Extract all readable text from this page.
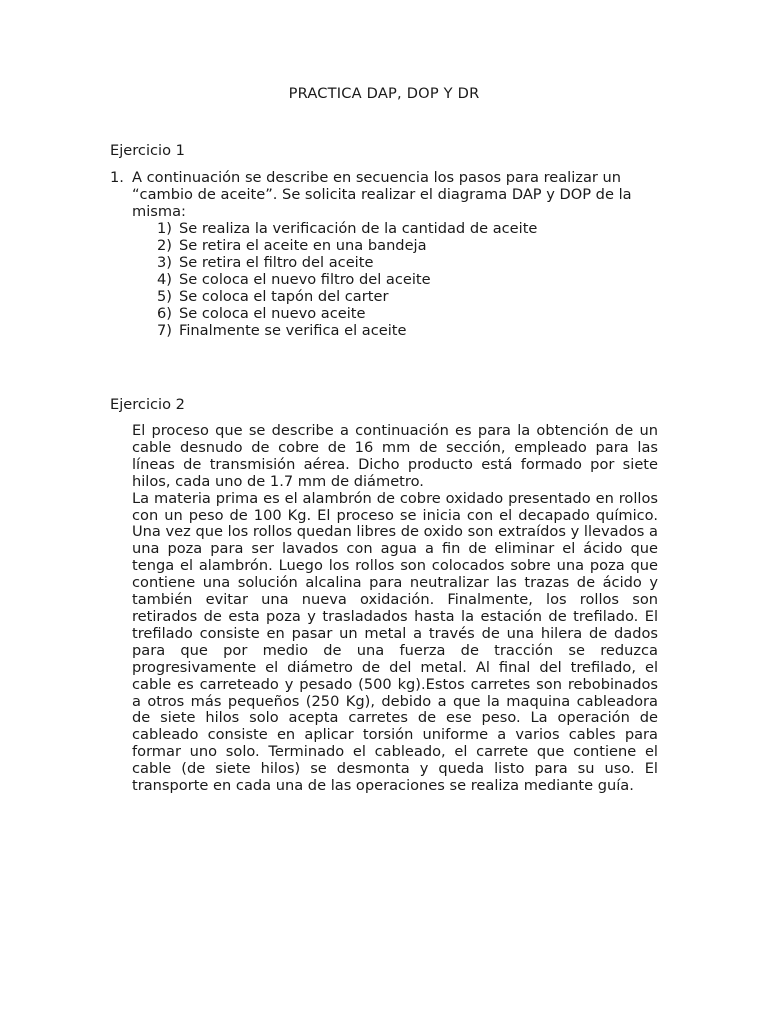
PRACTICA DAP, DOP Y DR
Ejercicio 1
1. A continuación se describe en secuencia los pasos para realizar un “cambio de aceite”. Se solicita realizar el diagrama DAP y DOP de la misma:
1) Se realiza la verificación de la cantidad de aceite
2) Se retira el aceite en una bandeja
3) Se retira el filtro del aceite
4) Se coloca el nuevo filtro del aceite
5) Se coloca el tapón del carter
6) Se coloca el nuevo aceite
7) Finalmente se verifica el aceite
Ejercicio 2

El proceso que se describe a continuación es para la obtención de un cable desnudo de cobre de 16 mm de sección, empleado para las líneas de transmisión aérea. Dicho producto está formado por siete hilos, cada uno de 1.7 mm de diámetro.

La materia prima es el alambrón de cobre oxidado presentado en rollos con un peso de 100 Kg. El proceso se inicia con el decapado químico. Una vez que los rollos quedan libres de oxido son extraídos y llevados a una poza para ser lavados con agua a fin de eliminar el ácido que tenga el alambrón. Luego los rollos son colocados sobre una poza que contiene una solución alcalina para neutralizar las trazas de ácido y también evitar una nueva oxidación. Finalmente, los rollos son retirados de esta poza y trasladados hasta la estación de trefilado. El trefilado consiste en pasar un metal a través de una hilera de dados para que por medio de una fuerza de tracción se reduzca progresivamente el diámetro de del metal. Al final del trefilado, el cable es carreteado y pesado (500 kg).Estos carretes son rebobinados a otros más pequeños (250 Kg), debido a que la maquina cableadora de siete hilos solo acepta carretes de ese peso. La operación de cableado consiste en aplicar torsión uniforme a varios cables para formar uno solo. Terminado el cableado, el carrete que contiene el cable (de siete hilos) se desmonta y queda listo para su uso. El transporte en cada una de las operaciones se realiza mediante guía.
